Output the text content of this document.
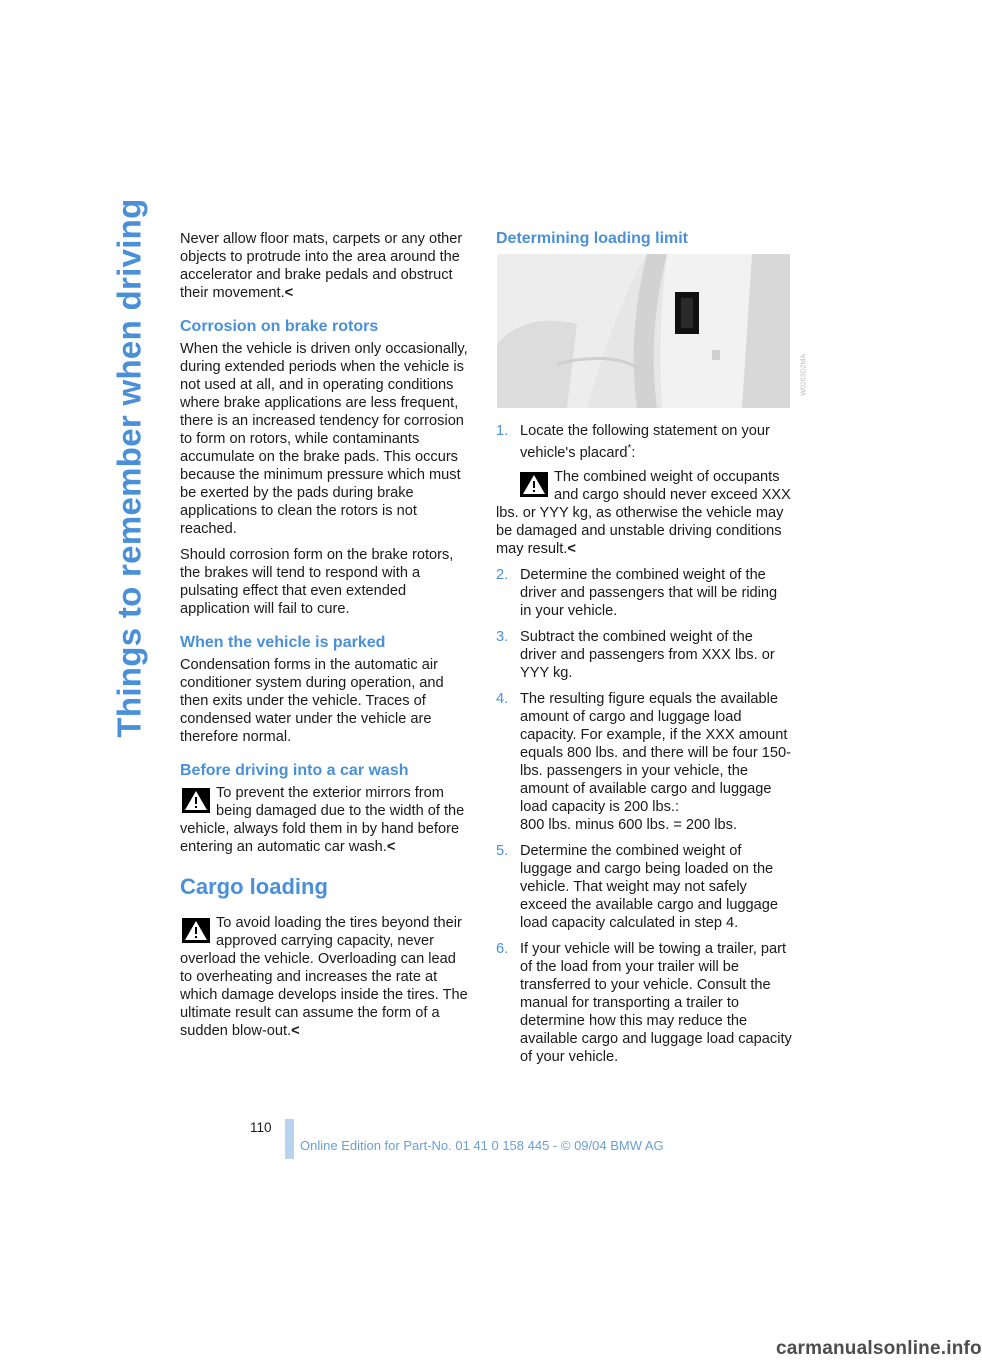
Things to remember when driving Never allow floor mats, carpets or any other objects to protrude into the area around the accelerator and brake pedals and obstruct their movement.<

Corrosion on brake rotors

When the vehicle is driven only occasionally, during extended periods when the vehicle is not used at all, and in operating conditions where brake applications are less frequent, there is an increased tendency for corrosion to form on rotors, while contaminants accumulate on the brake pads. This occurs because the minimum pressure which must be exerted by the pads during brake applications to clean the rotors is not reached.

Should corrosion form on the brake rotors, the brakes will tend to respond with a pulsating effect that even extended application will fail to cure.

When the vehicle is parked

Condensation forms in the automatic air conditioner system during operation, and then exits under the vehicle. Traces of condensed water under the vehicle are therefore normal.

Before driving into a car wash
To prevent the exterior mirrors from being damaged due to the width of the vehicle, always fold them in by hand before entering an automatic car wash.<
Cargo loading
To avoid loading the tires beyond their approved carrying capacity, never overload the vehicle. Overloading can lead to overheating and increases the rate at which damage develops inside the tires. The ultimate result can assume the form of a sudden blow-out.<
Determining loading limit
W0203D2MA
1. Locate the following statement on your vehicle's placard*:
The combined weight of occupants and cargo should never exceed XXX lbs. or YYY kg, as otherwise the vehicle may be damaged and unstable driving conditions may result.<
2. Determine the combined weight of the driver and passengers that will be riding in your vehicle.
3. Subtract the combined weight of the driver and passengers from XXX lbs. or YYY kg.
4. The resulting figure equals the available amount of cargo and luggage load capacity. For example, if the XXX amount equals 800 lbs. and there will be four 150-lbs. passengers in your vehicle, the amount of available cargo and luggage load capacity is 200 lbs.:
800 lbs. minus 600 lbs. = 200 lbs.
5. Determine the combined weight of luggage and cargo being loaded on the vehicle. That weight may not safely exceed the available cargo and luggage load capacity calculated in step 4.
6. If your vehicle will be towing a trailer, part of the load from your trailer will be transferred to your vehicle. Consult the manual for transporting a trailer to determine how this may reduce the available cargo and luggage load capacity of your vehicle.
110
Online Edition for Part-No. 01 41 0 158 445 - © 09/04 BMW AG
carmanualsonline.info
